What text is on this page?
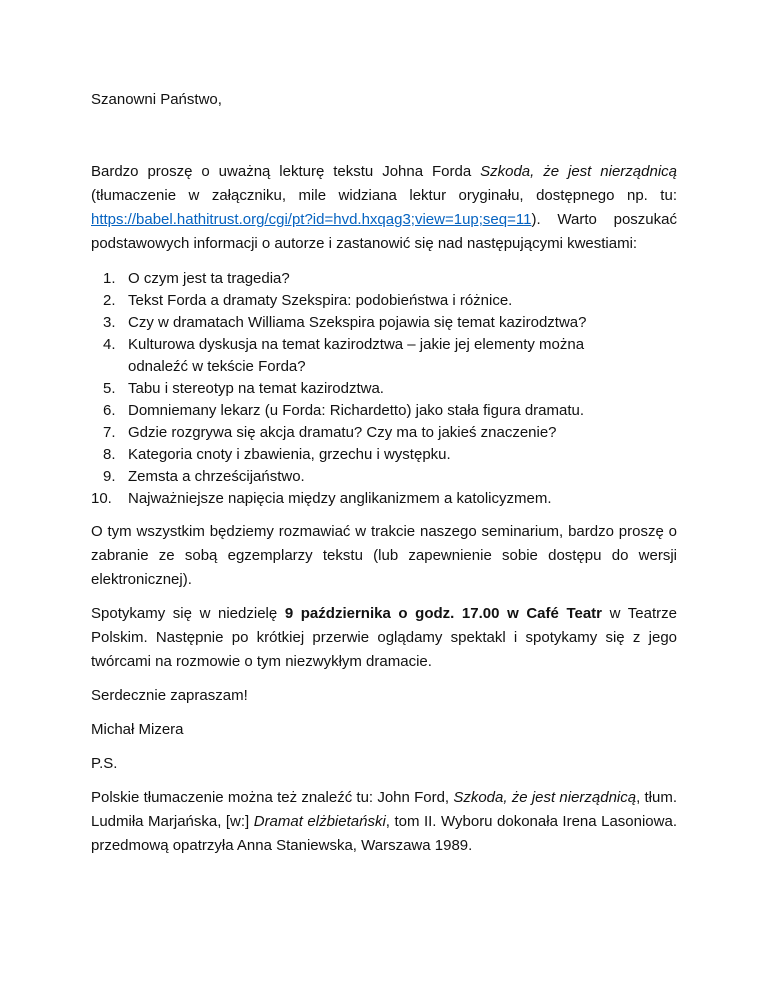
Szanowni Państwo,

Bardzo proszę o uważną lekturę tekstu Johna Forda Szkoda, że jest nierządnicą (tłumaczenie w załączniku, mile widziana lektur oryginału, dostępnego np. tu: https://babel.hathitrust.org/cgi/pt?id=hvd.hxqag3;view=1up;seq=11). Warto poszukać podstawowych informacji o autorze i zastanowić się nad następującymi kwestiami:

1. O czym jest ta tragedia?
2. Tekst Forda a dramaty Szekspira: podobieństwa i różnice.
3. Czy w dramatach Williama Szekspira pojawia się temat kazirodztwa?
4. Kulturowa dyskusja na temat kazirodztwa – jakie jej elementy można odnaleźć w tekście Forda?
5. Tabu i stereotyp na temat kazirodztwa.
6. Domniemany lekarz (u Forda: Richardetto) jako stała figura dramatu.
7. Gdzie rozgrywa się akcja dramatu? Czy ma to jakieś znaczenie?
8. Kategoria cnoty i zbawienia, grzechu i występku.
9. Zemsta a chrześcijaństwo.
10. Najważniejsze napięcia między anglikanizmem a katolicyzmem.

O tym wszystkim będziemy rozmawiać w trakcie naszego seminarium, bardzo proszę o zabranie ze sobą egzemplarzy tekstu (lub zapewnienie sobie dostępu do wersji elektronicznej).

Spotykamy się w niedzielę 9 października o godz. 17.00 w Café Teatr w Teatrze Polskim. Następnie po krótkiej przerwie oglądamy spektakl i spotykamy się z jego twórcami na rozmowie o tym niezwykłym dramacie.

Serdecznie zapraszam!

Michał Mizera

P.S.

Polskie tłumaczenie można też znaleźć tu: John Ford, Szkoda, że jest nierządnicą, tłum. Ludmiła Marjańska, [w:] Dramat elżbietański, tom II. Wyboru dokonała Irena Lasoniowa. przedmową opatrzyła Anna Staniewska, Warszawa 1989.
